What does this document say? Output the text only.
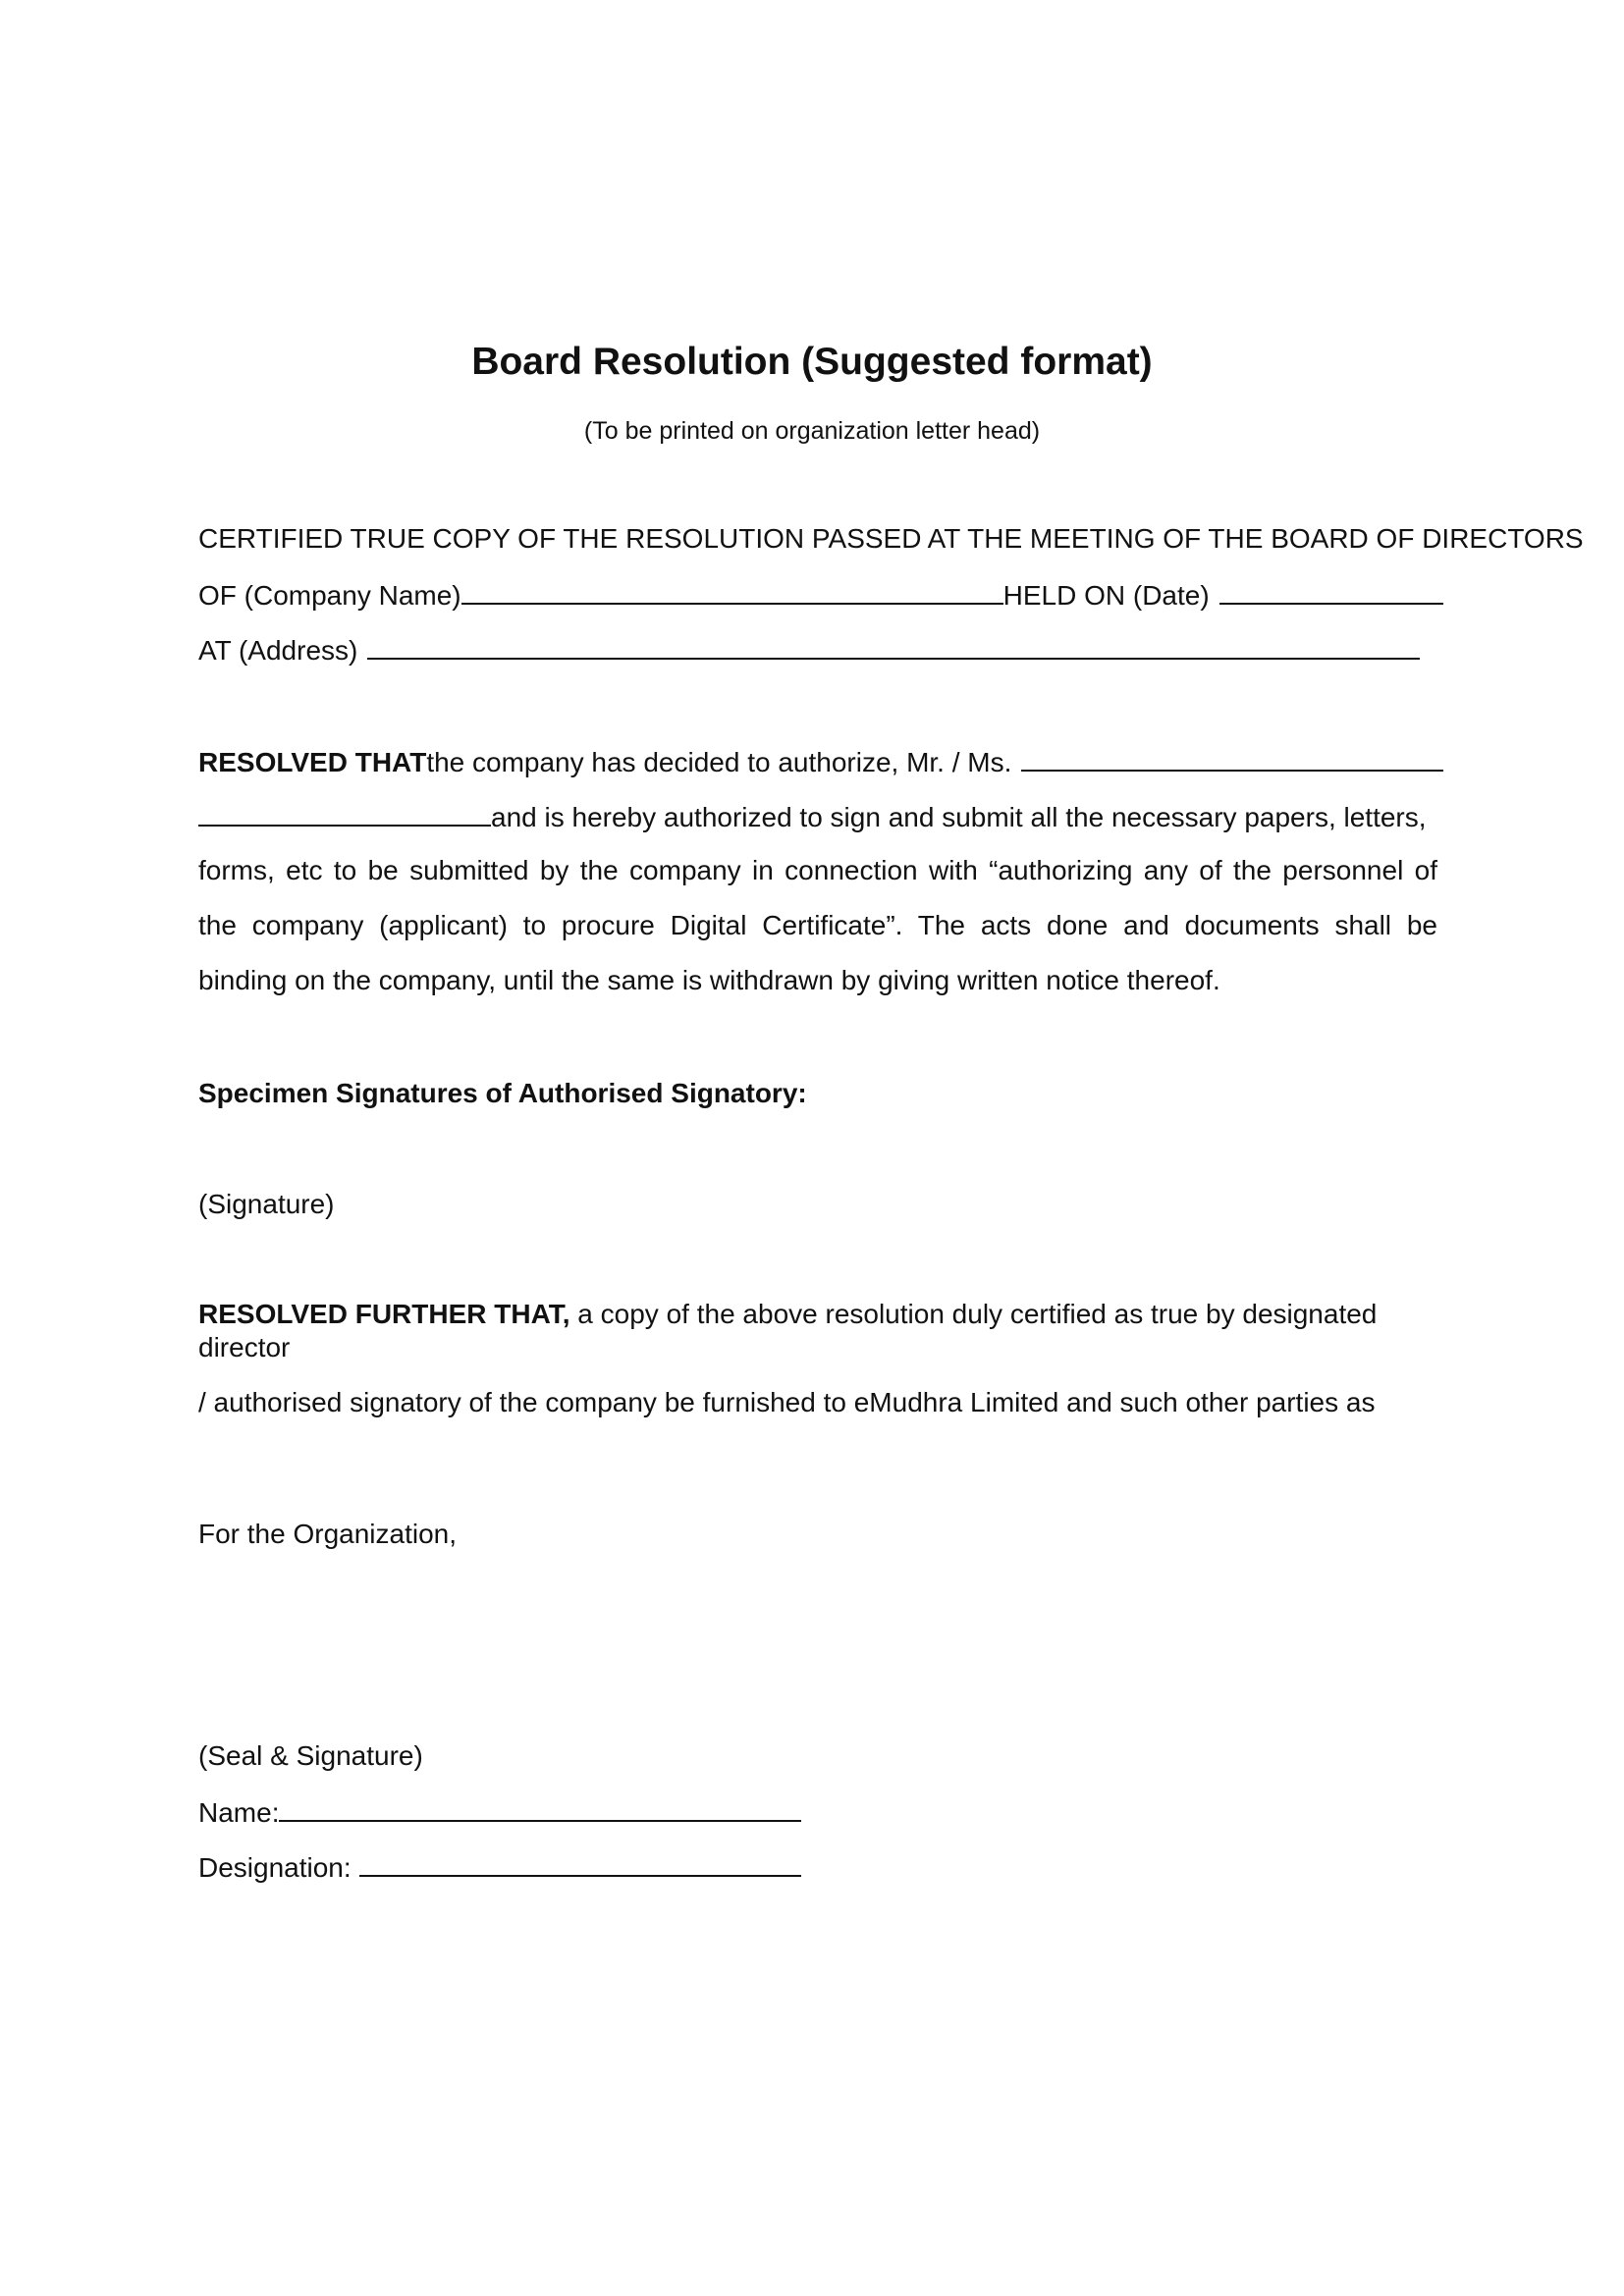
Board Resolution (Suggested format)
(To be printed on organization letter head)
CERTIFIED TRUE COPY OF THE RESOLUTION PASSED AT THE MEETING OF THE BOARD OF DIRECTORS
OF (Company Name)	HELD ON (Date)
AT (Address)
RESOLVED THAT the company has decided to authorize, Mr. / Ms.
and is hereby authorized to sign and submit all the necessary papers, letters,
forms, etc to be submitted by the company in connection with “authorizing any of the personnel of
the company (applicant) to procure Digital Certificate”. The acts done and documents shall be
binding on the company, until the same is withdrawn by giving written notice thereof.
Specimen Signatures of Authorised Signatory:
(Signature)
RESOLVED FURTHER THAT, a copy of the above resolution duly certified as true by designated
director
/ authorised signatory of the company be furnished to eMudhra Limited and such other parties as
For the Organization,
(Seal & Signature)
Name:
Designation:
